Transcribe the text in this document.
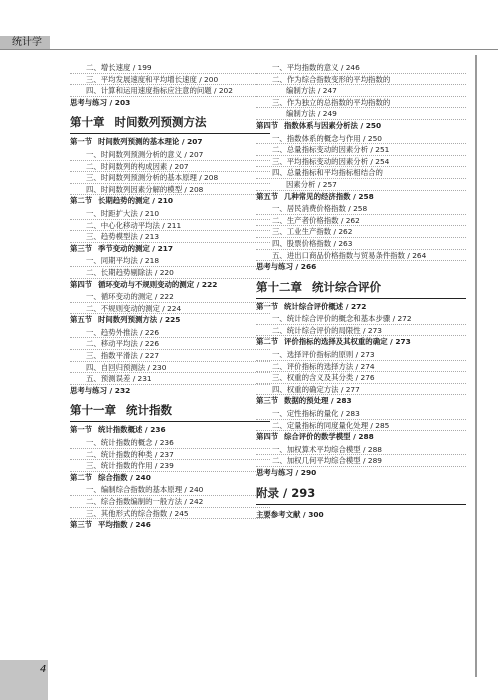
统计学
二、增长速度 / 199
三、平均发展速度和平均增长速度 / 200
四、计算和运用速度指标应注意的问题 / 202
思考与练习 / 203
第十章 时间数列预测方法
第一节 时间数列预测的基本理论 / 207
一、时间数列预测分析的意义 / 207
二、时间数列的构成因素 / 207
三、时间数列预测分析的基本原理 / 208
四、时间数列因素分解的模型 / 208
第二节 长期趋势的测定 / 210
一、时距扩大法 / 210
二、中心化移动平均法 / 211
三、趋势模型法 / 213
第三节 季节变动的测定 / 217
一、同期平均法 / 218
二、长期趋势剔除法 / 220
第四节 循环变动与不规则变动的测定 / 222
一、循环变动的测定 / 222
二、不规则变动的测定 / 224
第五节 时间数列预测方法 / 225
一、趋势外推法 / 226
二、移动平均法 / 226
三、指数平滑法 / 227
四、自回归预测法 / 230
五、预测误差 / 231
思考与练习 / 232
第十一章 统计指数
第一节 统计指数概述 / 236
一、统计指数的概念 / 236
二、统计指数的种类 / 237
三、统计指数的作用 / 239
第二节 综合指数 / 240
一、编制综合指数的基本原理 / 240
二、综合指数编制的一般方法 / 242
三、其他形式的综合指数 / 245
第三节 平均指数 / 246
一、平均指数的意义 / 246
二、作为综合指数变形的平均指数的
编制方法 / 247
三、作为独立的总指数的平均指数的
编制方法 / 249
第四节 指数体系与因素分析法 / 250
一、指数体系的概念与作用 / 250
二、总量指标变动的因素分析 / 251
三、平均指标变动的因素分析 / 254
四、总量指标和平均指标相结合的
因素分析 / 257
第五节 几种常见的经济指数 / 258
一、居民消费价格指数 / 258
二、生产者价格指数 / 262
三、工业生产指数 / 262
四、股票价格指数 / 263
五、进出口商品价格指数与贸易条件指数 / 264
思考与练习 / 266
第十二章 统计综合评价
第一节 统计综合评价概述 / 272
一、统计综合评价的概念和基本步骤 / 272
二、统计综合评价的局限性 / 273
第二节 评价指标的选择及其权重的确定 / 273
一、选择评价指标的原则 / 273
二、评价指标的选择方法 / 274
三、权重的含义及其分类 / 276
四、权重的确定方法 / 277
第三节 数据的预处理 / 283
一、定性指标的量化 / 283
二、定量指标的同度量化处理 / 285
第四节 综合评价的数学模型 / 288
一、加权算术平均综合模型 / 288
二、加权几何平均综合模型 / 289
思考与练习 / 290
附录 / 293
主要参考文献 / 300
4
